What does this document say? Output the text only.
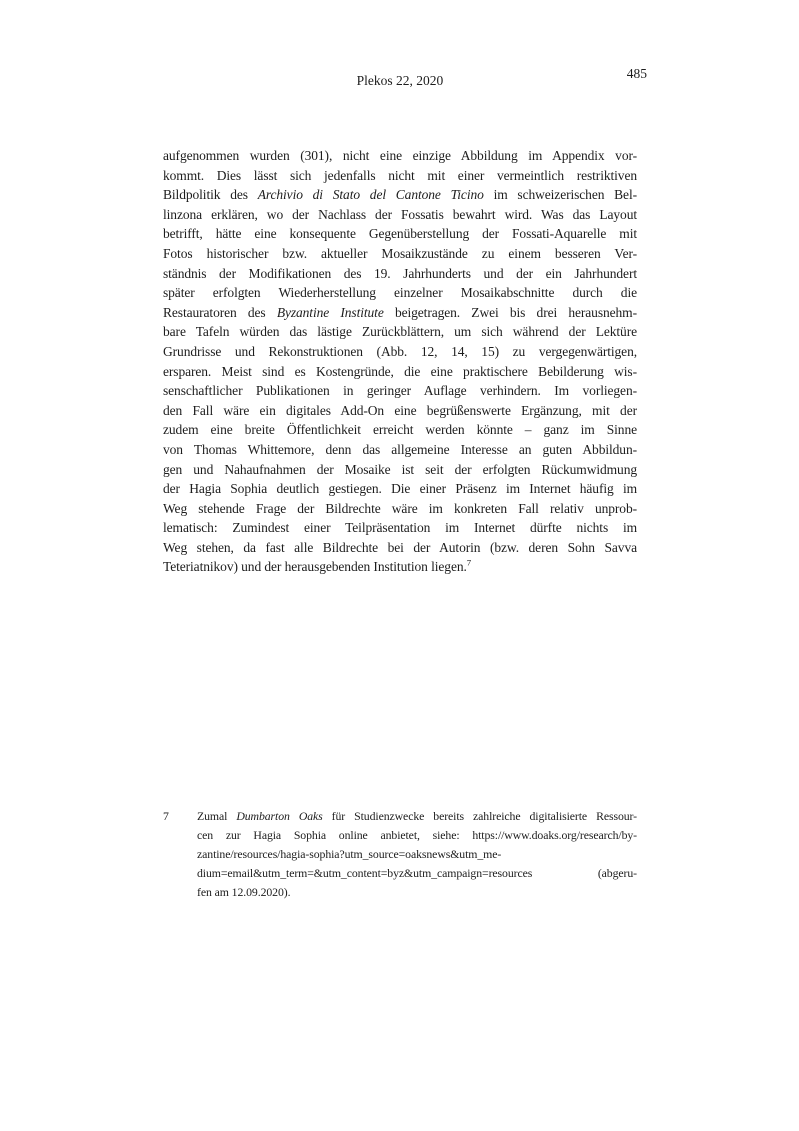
Plekos 22, 2020	485
aufgenommen wurden (301), nicht eine einzige Abbildung im Appendix vor-
kommt. Dies lässt sich jedenfalls nicht mit einer vermeintlich restriktiven
Bildpolitik des Archivio di Stato del Cantone Ticino im schweizerischen Bel-
linzona erklären, wo der Nachlass der Fossatis bewahrt wird. Was das Layout
betrifft, hätte eine konsequente Gegenüberstellung der Fossati-Aquarelle mit
Fotos historischer bzw. aktueller Mosaikzustände zu einem besseren Ver-
ständnis der Modifikationen des 19. Jahrhunderts und der ein Jahrhundert
später erfolgten Wiederherstellung einzelner Mosaikabschnitte durch die
Restauratoren des Byzantine Institute beigetragen. Zwei bis drei herausnehm-
bare Tafeln würden das lästige Zurückblättern, um sich während der Lektüre
Grundrisse und Rekonstruktionen (Abb. 12, 14, 15) zu vergegenwärtigen,
ersparen. Meist sind es Kostengründe, die eine praktischere Bebilderung wis-
senschaftlicher Publikationen in geringer Auflage verhindern. Im vorliegen-
den Fall wäre ein digitales Add-On eine begrüßenswerte Ergänzung, mit der
zudem eine breite Öffentlichkeit erreicht werden könnte – ganz im Sinne
von Thomas Whittemore, denn das allgemeine Interesse an guten Abbildun-
gen und Nahaufnahmen der Mosaike ist seit der erfolgten Rückumwidmung
der Hagia Sophia deutlich gestiegen. Die einer Präsenz im Internet häufig im
Weg stehende Frage der Bildrechte wäre im konkreten Fall relativ unprob-
lematisch: Zumindest einer Teilpräsentation im Internet dürfte nichts im
Weg stehen, da fast alle Bildrechte bei der Autorin (bzw. deren Sohn Savva
Teteriatnikov) und der herausgebenden Institution liegen.$^7$
7 Zumal Dumbarton Oaks für Studienzwecke bereits zahlreiche digitalisierte Ressour-
cen zur Hagia Sophia online anbietet, siehe: https://www.doaks.org/research/by-
zantine/resources/hagia-sophia?utm_source=oaksnews&utm_me-
dium=email&utm_term=&utm_content=byz&utm_campaign=resources (abgeru-
fen am 12.09.2020).
